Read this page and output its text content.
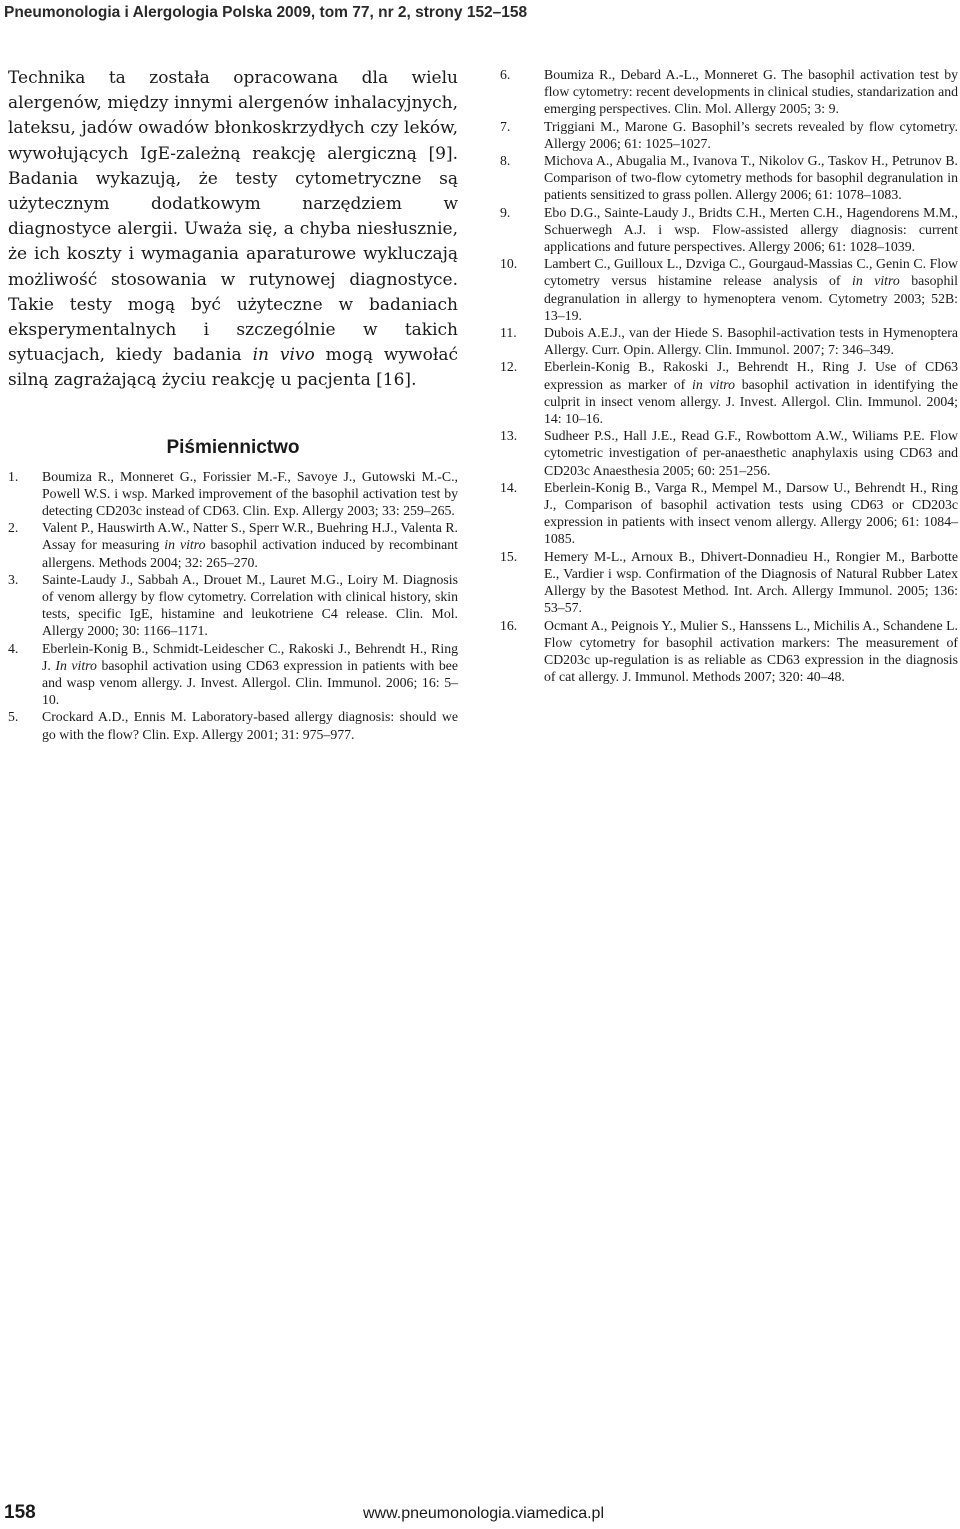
Pneumonologia i Alergologia Polska 2009, tom 77, nr 2, strony 152–158

Technika ta została opracowana dla wielu alergenów, między innymi alergenów inhalacyjnych, lateksu, jadów owadów błonkoskrzydłych czy leków, wywołujących IgE-zależną reakcję alergiczną [9]. Badania wykazują, że testy cytometryczne są użytecznym dodatkowym narzędziem w diagnostyce alergii. Uważa się, a chyba niesłusznie, że ich koszty i wymagania aparaturowe wykluczają możliwość stosowania w rutynowej diagnostyce. Takie testy mogą być użyteczne w badaniach eksperymentalnych i szczególnie w takich sytuacjach, kiedy badania in vivo mogą wywołać silną zagrażającą życiu reakcję u pacjenta [16].

Piśmiennictwo
1.	Boumiza R., Monneret G., Forissier M.-F., Savoye J., Gutowski M.-C., Powell W.S. i wsp. Marked improvement of the basophil activation test by detecting CD203c instead of CD63. Clin. Exp. Allergy 2003; 33: 259–265.
2.	Valent P., Hauswirth A.W., Natter S., Sperr W.R., Buehring H.J., Valenta R. Assay for measuring in vitro basophil activation induced by recombinant allergens. Methods 2004; 32: 265–270.
3.	Sainte-Laudy J., Sabbah A., Drouet M., Lauret M.G., Loiry M. Diagnosis of venom allergy by flow cytometry. Correlation with clinical history, skin tests, specific IgE, histamine and leukotriene C4 release. Clin. Mol. Allergy 2000; 30: 1166–1171.
4.	Eberlein-Konig B., Schmidt-Leidescher C., Rakoski J., Behrendt H., Ring J. In vitro basophil activation using CD63 expression in patients with bee and wasp venom allergy. J. Invest. Allergol. Clin. Immunol. 2006; 16: 5–10.
5.	Crockard A.D., Ennis M. Laboratory-based allergy diagnosis: should we go with the flow? Clin. Exp. Allergy 2001; 31: 975–977.
6.	Boumiza R., Debard A.-L., Monneret G. The basophil activation test by flow cytometry: recent developments in clinical studies, standarization and emerging perspectives. Clin. Mol. Allergy 2005; 3: 9.
7.	Triggiani M., Marone G. Basophil’s secrets revealed by flow cytometry. Allergy 2006; 61: 1025–1027.
8.	Michova A., Abugalia M., Ivanova T., Nikolov G., Taskov H., Petrunov B. Comparison of two-flow cytometry methods for basophil degranulation in patients sensitized to grass pollen. Allergy 2006; 61: 1078–1083.
9.	Ebo D.G., Sainte-Laudy J., Bridts C.H., Merten C.H., Hagendorens M.M., Schuerwegh A.J. i wsp. Flow-assisted allergy diagnosis: current applications and future perspectives. Allergy 2006; 61: 1028–1039.
10.	Lambert C., Guilloux L., Dzviga C., Gourgaud-Massias C., Genin C. Flow cytometry versus histamine release analysis of in vitro basophil degranulation in allergy to hymenoptera venom. Cytometry 2003; 52B: 13–19.
11.	Dubois A.E.J., van der Hiede S. Basophil-activation tests in Hymenoptera Allergy. Curr. Opin. Allergy. Clin. Immunol. 2007; 7: 346–349.
12.	Eberlein-Konig B., Rakoski J., Behrendt H., Ring J. Use of CD63 expression as marker of in vitro basophil activation in identifying the culprit in insect venom allergy. J. Invest. Allergol. Clin. Immunol. 2004; 14: 10–16.
13.	Sudheer P.S., Hall J.E., Read G.F., Rowbottom A.W., Wiliams P.E. Flow cytometric investigation of per-anaesthetic anaphylaxis using CD63 and CD203c Anaesthesia 2005; 60: 251–256.
14.	Eberlein-Konig B., Varga R., Mempel M., Darsow U., Behrendt H., Ring J., Comparison of basophil activation tests using CD63 or CD203c expression in patients with insect venom allergy. Allergy 2006; 61: 1084–1085.
15.	Hemery M-L., Arnoux B., Dhivert-Donnadieu H., Rongier M., Barbotte E., Vardier i wsp. Confirmation of the Diagnosis of Natural Rubber Latex Allergy by the Basotest Method. Int. Arch. Allergy Immunol. 2005; 136: 53–57.
16.	Ocmant A., Peignois Y., Mulier S., Hanssens L., Michilis A., Schandene L. Flow cytometry for basophil activation markers: The measurement of CD203c up-regulation is as reliable as CD63 expression in the diagnosis of cat allergy. J. Immunol. Methods 2007; 320: 40–48.
158	www.pneumonologia.viamedica.pl
